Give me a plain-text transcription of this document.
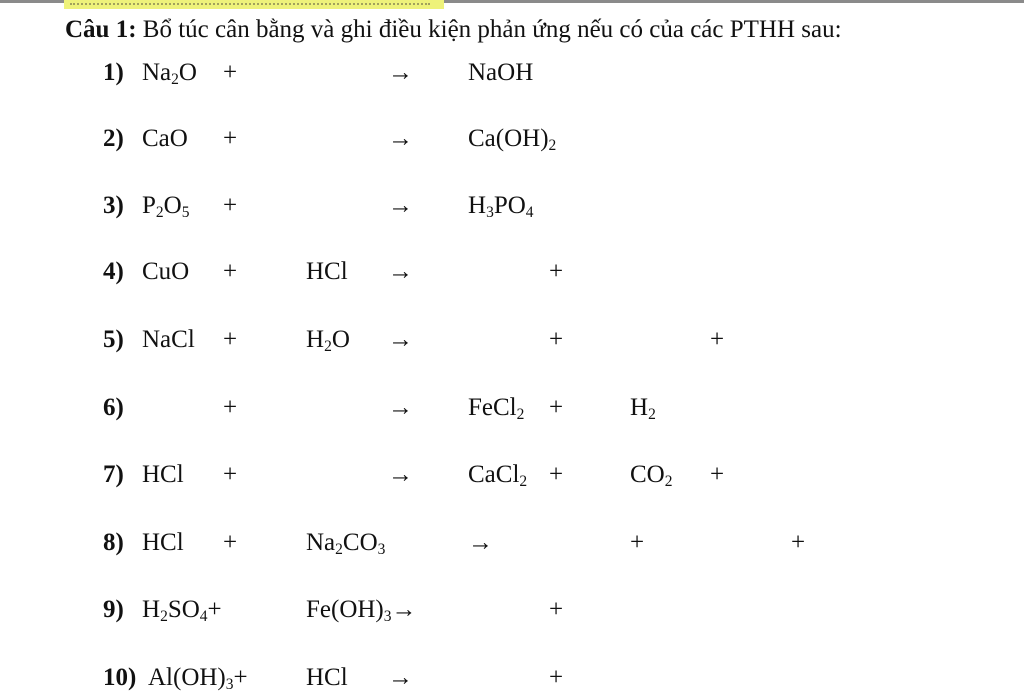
Câu 1: Bổ túc cân bằng và ghi điều kiện phản ứng nếu có của các PTHH sau:
1) $Na_2O$ +	→ NaOH
2) CaO +	→ $Ca(OH)_2$
3) $P_2O_5$ +	→ $H_3PO_4$
4) CuO +	HCl →	+
5) NaCl +	$H_2O$ →	+	+
6)	+	→ FeCl$_2$ +	$H_2$
7) HCl +	→ CaCl$_2$ +	$CO_2$ +
8) HCl +	$Na_2CO_3$	→	+	+
9) $H_2SO_4+$	$Fe(OH)_3\to$	+
10) $Al(OH)_3+$ HCl →	+
